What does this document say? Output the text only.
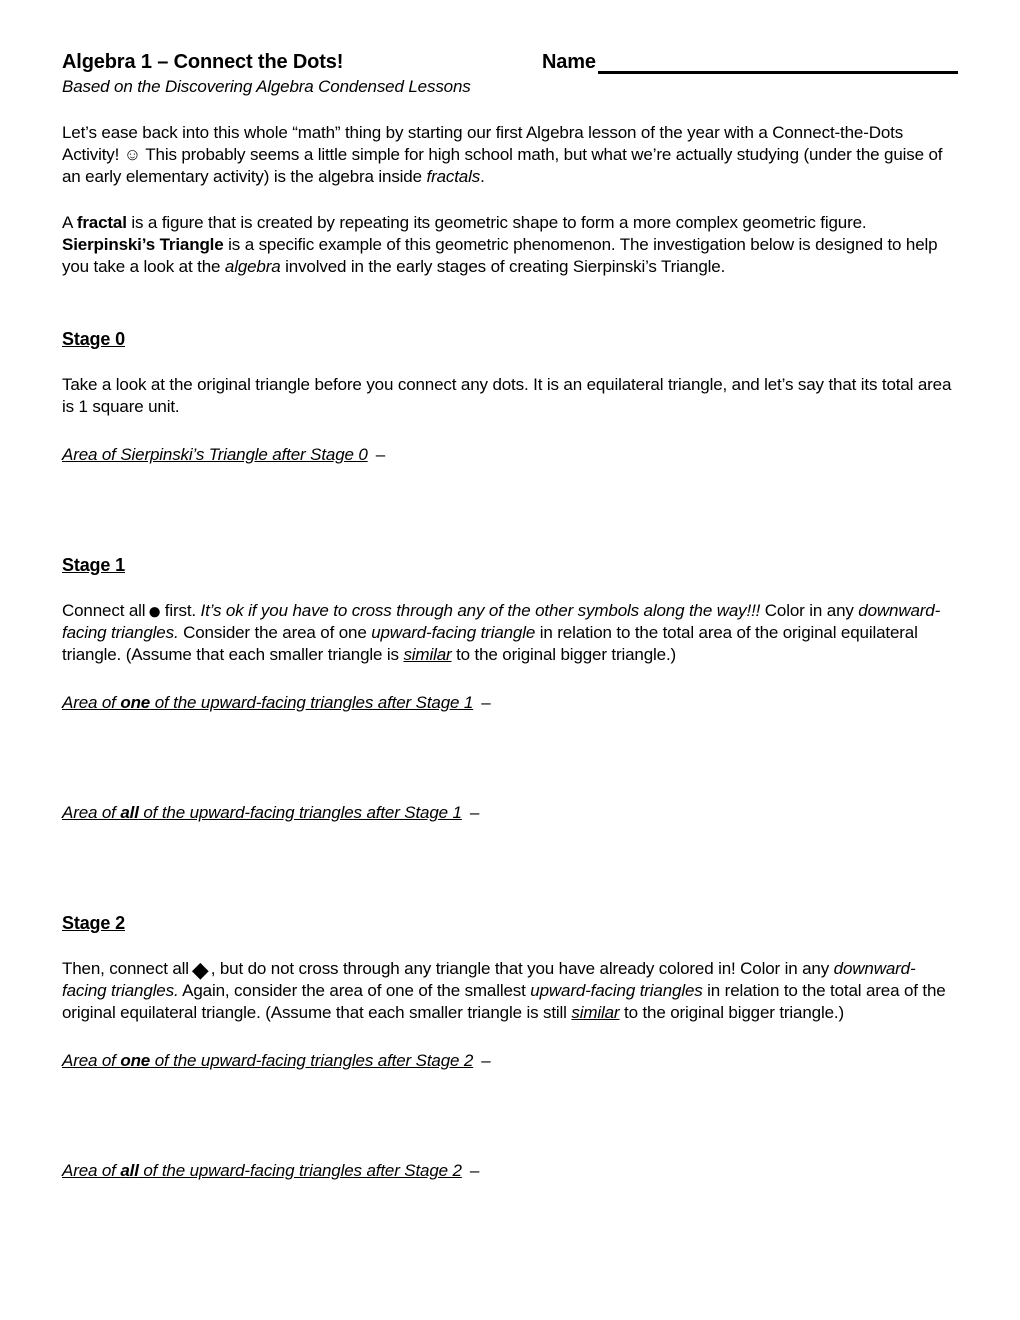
Algebra 1 – Connect the Dots!	Name
Based on the Discovering Algebra Condensed Lessons

Let’s ease back into this whole “math” thing by starting our first Algebra lesson of the year with a Connect-the-Dots Activity! ☺ This probably seems a little simple for high school math, but what we’re actually studying (under the guise of an early elementary activity) is the algebra inside fractals.

A fractal is a figure that is created by repeating its geometric shape to form a more complex geometric figure. Sierpinski’s Triangle is a specific example of this geometric phenomenon. The investigation below is designed to help you take a look at the algebra involved in the early stages of creating Sierpinski’s Triangle.

Stage 0

Take a look at the original triangle before you connect any dots. It is an equilateral triangle, and let’s say that its total area is 1 square unit.

Area of Sierpinski’s Triangle after Stage 0 –

Stage 1

Connect all● first. It’s ok if you have to cross through any of the other symbols along the way!!! Color in any downward-facing triangles. Consider the area of one upward-facing triangle in relation to the total area of the original equilateral triangle. (Assume that each smaller triangle is similar to the original bigger triangle.)

Area of one of the upward-facing triangles after Stage 1 –

Area of all of the upward-facing triangles after Stage 1 –

Stage 2

Then, connect all ◆ , but do not cross through any triangle that you have already colored in! Color in any downward-facing triangles. Again, consider the area of one of the smallest upward-facing triangles in relation to the total area of the original equilateral triangle. (Assume that each smaller triangle is still similar to the original bigger triangle.)

Area of one of the upward-facing triangles after Stage 2 –

Area of all of the upward-facing triangles after Stage 2 –
